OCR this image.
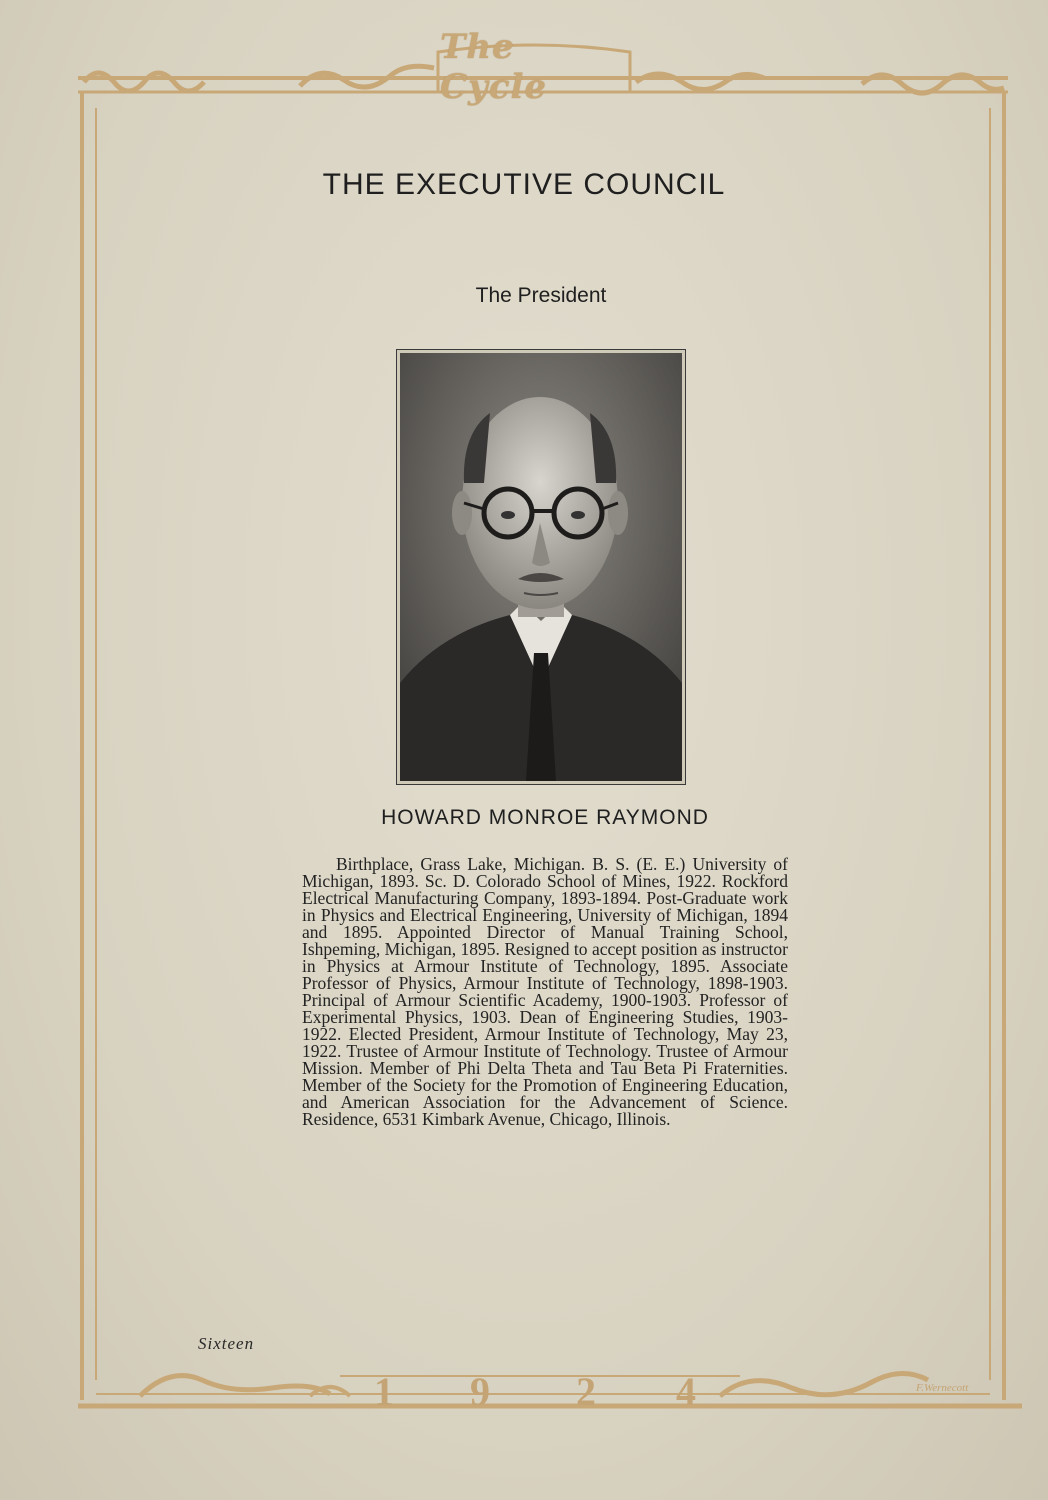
The Cycle
THE EXECUTIVE COUNCIL
The President
HOWARD MONROE RAYMOND
Birthplace, Grass Lake, Michigan. B. S. (E. E.) University of Michigan, 1893. Sc. D. Colorado School of Mines, 1922. Rockford Electrical Manufacturing Company, 1893-1894. Post-Graduate work in Physics and Electrical Engineering, University of Michigan, 1894 and 1895. Appointed Director of Manual Training School, Ishpeming, Michigan, 1895. Resigned to accept position as instructor in Physics at Armour Institute of Technology, 1895. Associate Professor of Physics, Armour Institute of Technology, 1898-1903. Principal of Armour Scientific Academy, 1900-1903. Professor of Experimental Physics, 1903. Dean of Engineering Studies, 1903-1922. Elected President, Armour Institute of Technology, May 23, 1922. Trustee of Armour Institute of Technology. Trustee of Armour Mission. Member of Phi Delta Theta and Tau Beta Pi Fraternities. Member of the Society for the Promotion of Engineering Education, and American Association for the Advancement of Science. Residence, 6531 Kimbark Avenue, Chicago, Illinois.
Sixteen
1 9 2 4	F.Wernecott
